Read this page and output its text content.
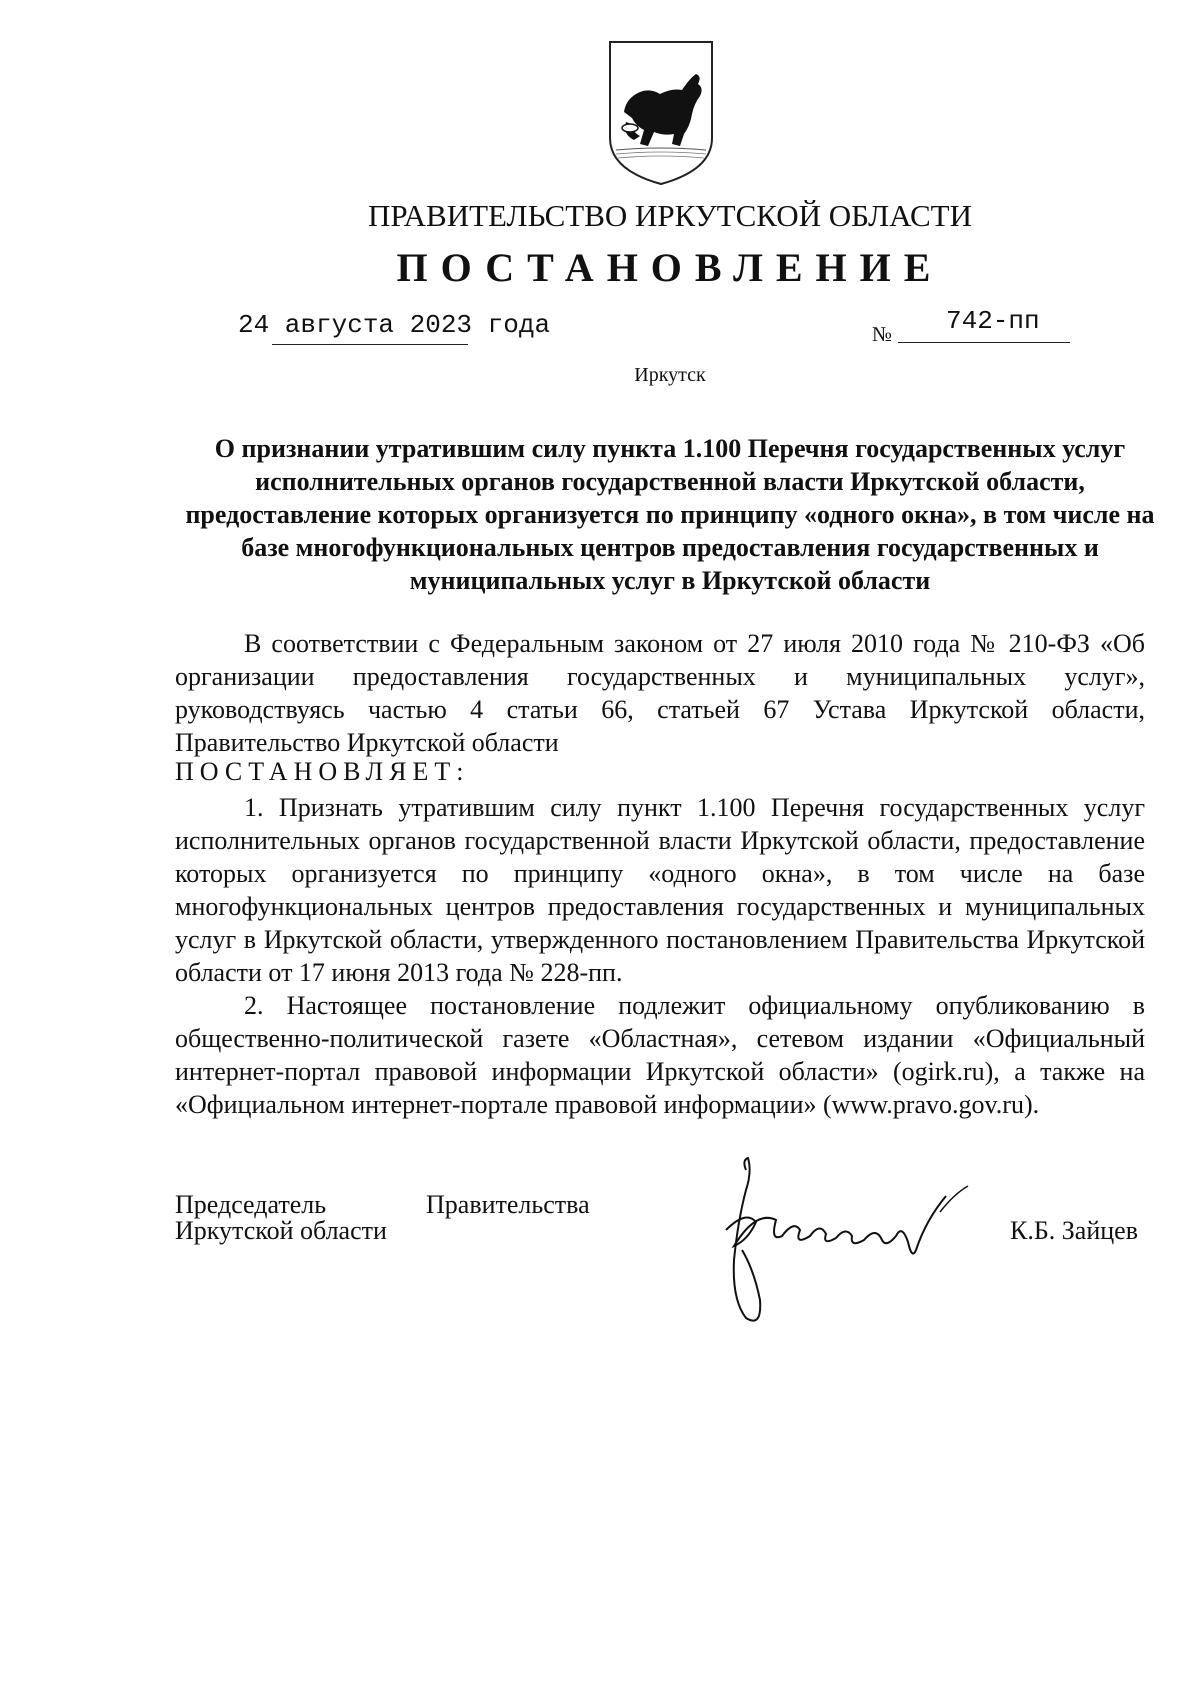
ПРАВИТЕЛЬСТВО ИРКУТСКОЙ ОБЛАСТИ
ПОСТАНОВЛЕНИЕ
24 августа 2023 года	№ 742-пп
Иркутск
О признании утратившим силу пункта 1.100 Перечня государственных услуг исполнительных органов государственной власти Иркутской области, предоставление которых организуется по принципу «одного окна», в том числе на базе многофункциональных центров предоставления государственных и муниципальных услуг в Иркутской области

В соответствии с Федеральным законом от 27 июля 2010 года № 210-ФЗ «Об организации предоставления государственных и муниципальных услуг», руководствуясь частью 4 статьи 66, статьей 67 Устава Иркутской области, Правительство Иркутской области

ПОСТАНОВЛЯЕТ:

1. Признать утратившим силу пункт 1.100 Перечня государственных услуг исполнительных органов государственной власти Иркутской области, предоставление которых организуется по принципу «одного окна», в том числе на базе многофункциональных центров предоставления государственных и муниципальных услуг в Иркутской области, утвержденного постановлением Правительства Иркутской области от 17 июня 2013 года № 228-пп.

2. Настоящее постановление подлежит официальному опубликованию в общественно-политической газете «Областная», сетевом издании «Официальный интернет-портал правовой информации Иркутской области» (ogirk.ru), а также на «Официальном интернет-портале правовой информации» (www.pravo.gov.ru).

Председатель	Правительства
Иркутской области	К.Б. Зайцев
